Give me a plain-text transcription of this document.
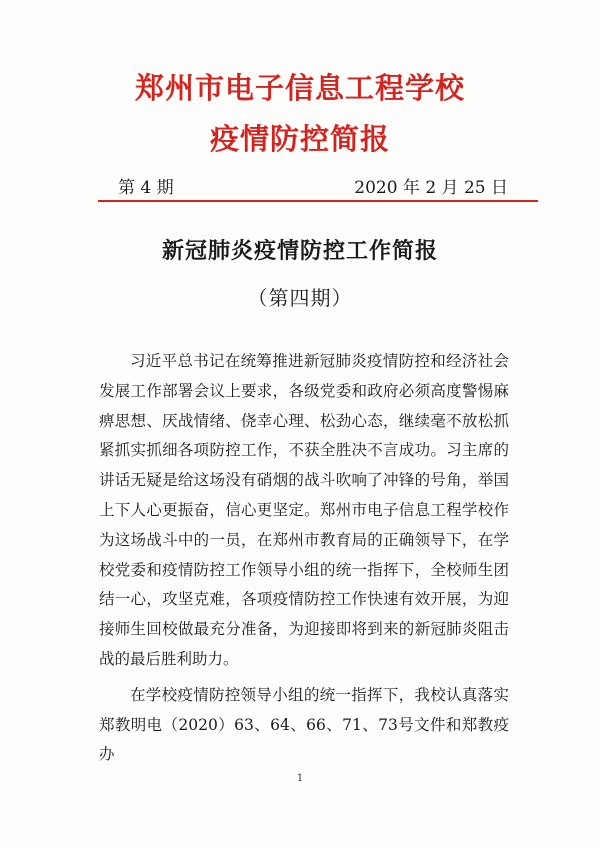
郑州市电子信息工程学校
疫情防控简报
第 4 期	2020 年 2 月 25 日
新冠肺炎疫情防控工作简报
（第四期）

习近平总书记在统筹推进新冠肺炎疫情防控和经济社会发展工作部署会议上要求，各级党委和政府必须高度警惕麻痹思想、厌战情绪、侥幸心理、松劲心态，继续毫不放松抓紧抓实抓细各项防控工作，不获全胜决不言成功。习主席的讲话无疑是给这场没有硝烟的战斗吹响了冲锋的号角，举国上下人心更振奋，信心更坚定。郑州市电子信息工程学校作为这场战斗中的一员，在郑州市教育局的正确领导下，在学校党委和疫情防控工作领导小组的统一指挥下，全校师生团结一心，攻坚克难，各项疫情防控工作快速有效开展，为迎接师生回校做最充分准备，为迎接即将到来的新冠肺炎阻击战的最后胜利助力。

在学校疫情防控领导小组的统一指挥下，我校认真落实郑教明电（2020）63、64、66、71、73号文件和郑教疫办

1
